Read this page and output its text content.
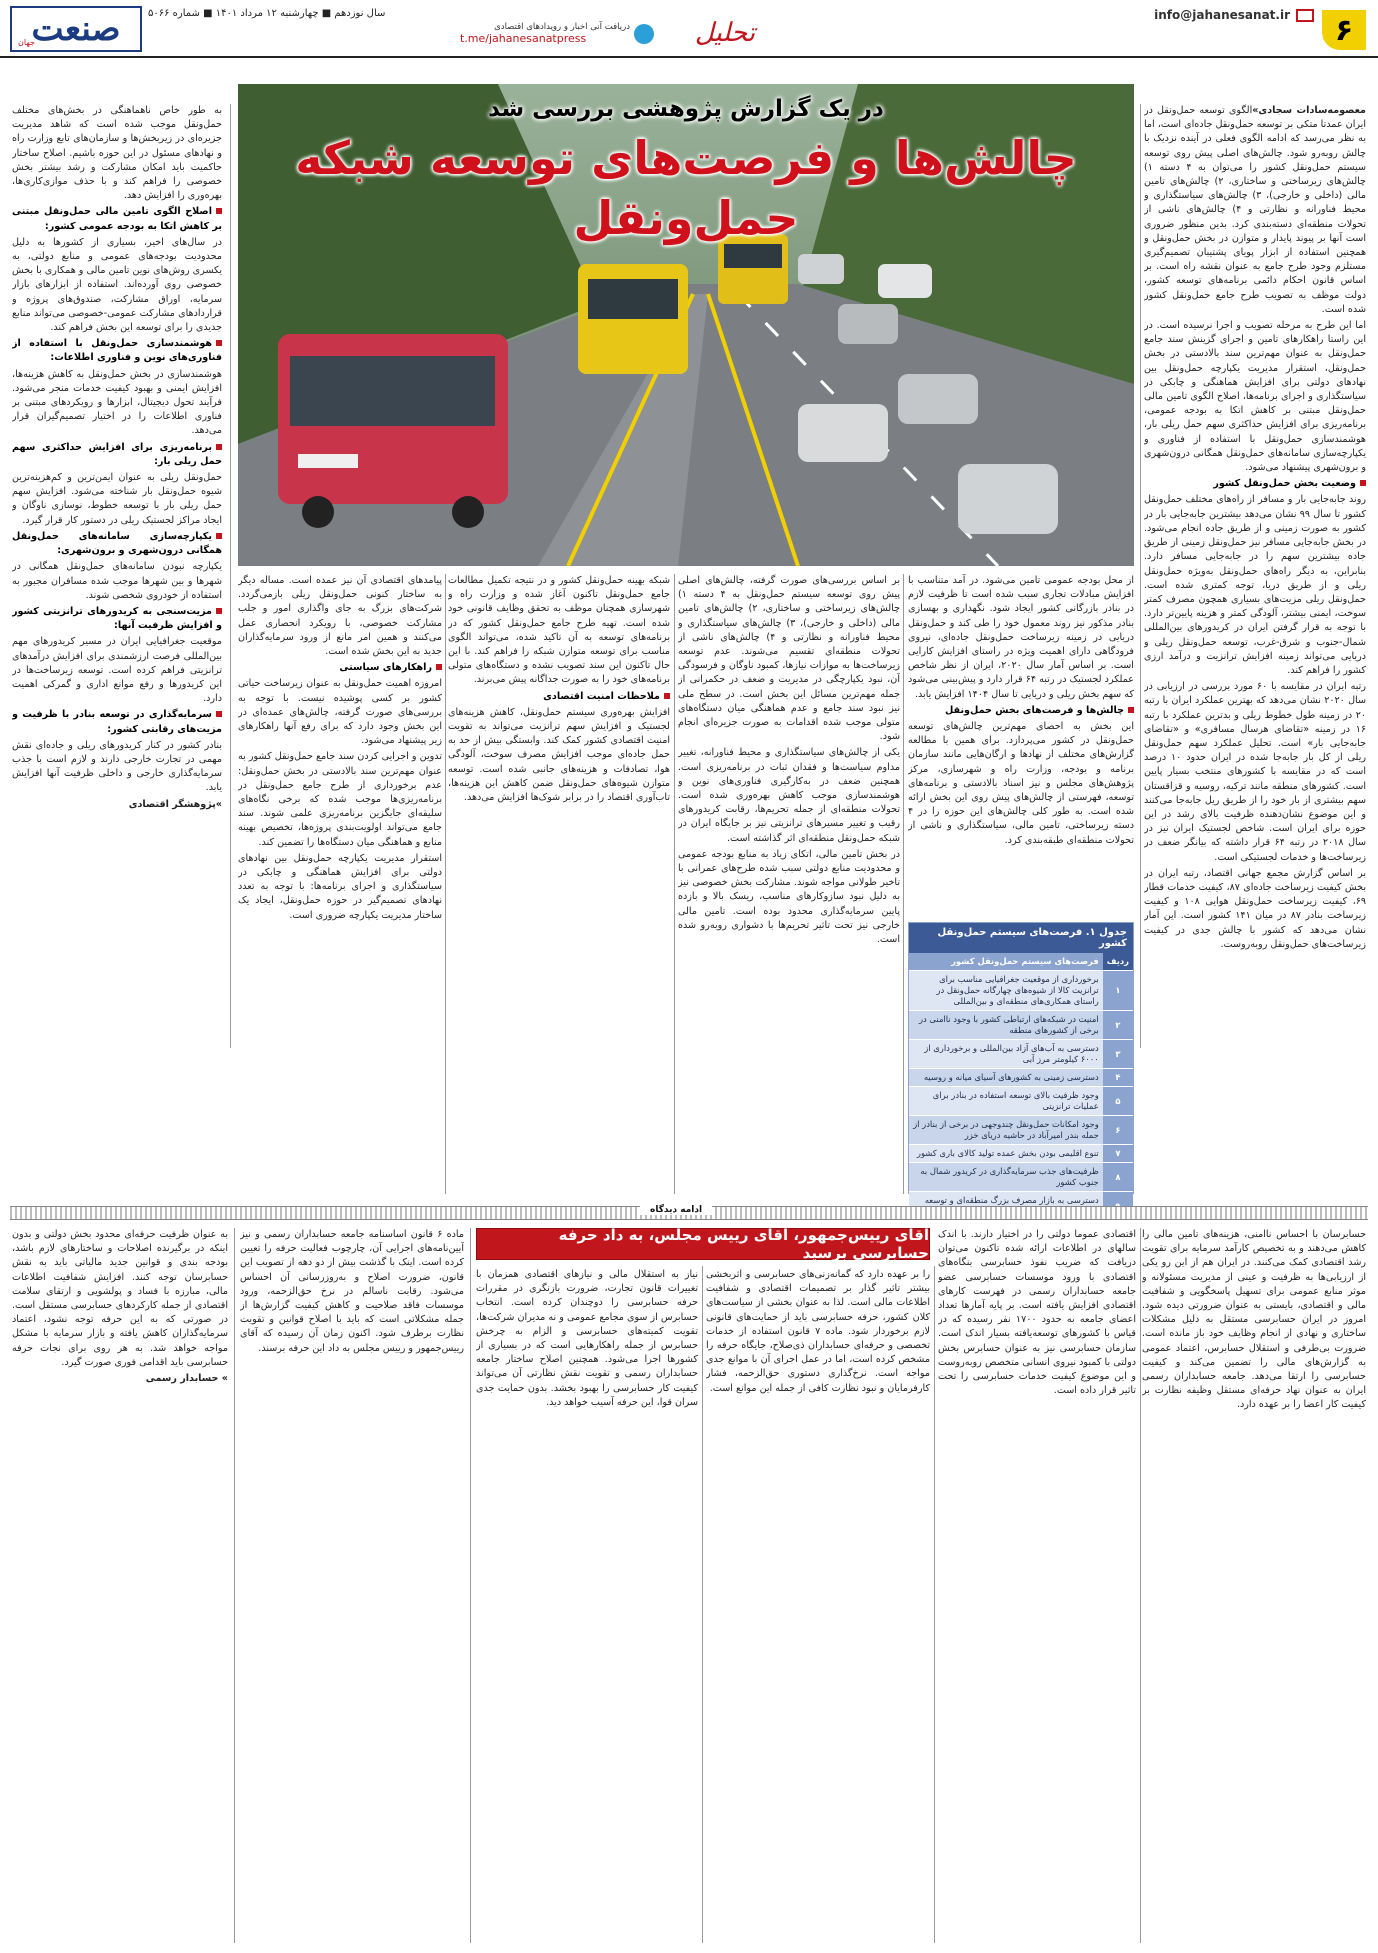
۶
info@jahanesanat.ir
تحلیل
دریافت آنی اخبار و رویدادهای اقتصادی
t.me/jahanesanatpress
سال نوزدهم ■ چهارشنبه ۱۲ مرداد ۱۴۰۱ ■ شماره ۵۰۶۶
صنعت
جهان

معصومه‌سادات سجادی»الگوی توسعه حمل‌ونقل در ایران عمدتا متکی بر توسعه حمل‌ونقل جاده‌ای است، اما به نظر می‌رسد که ادامه الگوی فعلی در آینده نزدیک با چالش روبه‌رو شود. چالش‌های اصلی پیش روی توسعه سیستم حمل‌ونقل کشور را می‌توان به ۴ دسته ۱) چالش‌های زیرساختی و ساختاری، ۲) چالش‌های تامین مالی (داخلی و خارجی)، ۳) چالش‌های سیاستگذاری و محیط فناورانه و نظارتی و ۴) چالش‌های ناشی از تحولات منطقه‌ای دسته‌بندی کرد. بدین منظور ضروری است آنها بر پیوند پایدار و متوازن در بخش حمل‌ونقل و همچنین استفاده از ابزار پویای پشتیبان تصمیم‌گیری مستلزم وجود طرح جامع به عنوان نقشه راه است. بر اساس قانون احکام دائمی برنامه‌های توسعه کشور، دولت موظف به تصویب طرح جامع حمل‌ونقل کشور شده است.

اما این طرح به مرحله تصویب و اجرا نرسیده است. در این راستا راهکارهای تامین و اجرای گزینش سند جامع حمل‌ونقل به عنوان مهم‌ترین سند بالادستی در بخش حمل‌ونقل، استقرار مدیریت یکپارچه حمل‌ونقل بین نهادهای دولتی برای افزایش هماهنگی و چابکی در سیاستگذاری و اجرای برنامه‌ها، اصلاح الگوی تامین مالی حمل‌ونقل مبتنی بر کاهش اتکا به بودجه عمومی، برنامه‌ریزی برای افزایش حداکثری سهم حمل ریلی بار، هوشمندسازی حمل‌ونقل با استفاده از فناوری و یکپارچه‌سازی سامانه‌های حمل‌ونقل همگانی درون‌شهری و برون‌شهری پیشنهاد می‌شود.

وضعیت بخش حمل‌ونقل کشور

روند جابه‌جایی بار و مسافر از راه‌های مختلف حمل‌ونقل کشور تا سال ۹۹ نشان می‌دهد بیشترین جابه‌جایی بار در کشور به صورت زمینی و از طریق جاده انجام می‌شود. در بخش جابه‌جایی مسافر نیز حمل‌ونقل زمینی از طریق جاده بیشترین سهم را در جابه‌جایی مسافر دارد. بنابراین، به دیگر راه‌های حمل‌ونقل به‌ویژه حمل‌ونقل ریلی و از طریق دریا، توجه کمتری شده است. حمل‌ونقل ریلی مزیت‌های بسیاری همچون مصرف کمتر سوخت، ایمنی بیشتر، آلودگی کمتر و هزینه پایین‌تر دارد. با توجه به قرار گرفتن ایران در کریدورهای بین‌المللی شمال-جنوب و شرق-غرب، توسعه حمل‌ونقل ریلی و دریایی می‌تواند زمینه افزایش ترانزیت و درآمد ارزی کشور را فراهم کند.

رتبه ایران در مقایسه با ۶۰ مورد بررسی در ارزیابی در سال ۲۰۲۰ نشان می‌دهد که بهترین عملکرد ایران با رتبه ۲۰ در زمینه طول خطوط ریلی و بدترین عملکرد با رتبه ۱۶ در زمینه «تقاضای هرسال مسافری» و «تقاضای جابه‌جایی بار» است. تحلیل عملکرد سهم حمل‌ونقل ریلی از کل بار جابه‌جا شده در ایران حدود ۱۰ درصد است که در مقایسه با کشورهای منتخب بسیار پایین است. کشورهای منطقه مانند ترکیه، روسیه و قزاقستان سهم بیشتری از بار خود را از طریق ریل جابه‌جا می‌کنند و این موضوع نشان‌دهنده ظرفیت بالای رشد در این حوزه برای ایران است. شاخص لجستیک ایران نیز در سال ۲۰۱۸ در رتبه ۶۴ قرار داشته که بیانگر ضعف در زیرساخت‌ها و خدمات لجستیکی است.

بر اساس گزارش مجمع جهانی اقتصاد، رتبه ایران در بخش کیفیت زیرساخت جاده‌ای ۸۷، کیفیت خدمات قطار ۶۹، کیفیت زیرساخت حمل‌ونقل هوایی ۱۰۸ و کیفیت زیرساخت بنادر ۸۷ در میان ۱۴۱ کشور است. این آمار نشان می‌دهد که کشور با چالش جدی در کیفیت زیرساخت‌های حمل‌ونقل روبه‌روست.

به طور خاص ناهماهنگی در بخش‌های مختلف حمل‌ونقل موجب شده است که شاهد مدیریت جزیره‌ای در زیربخش‌ها و سازمان‌های تابع وزارت راه و نهادهای مسئول در این حوزه باشیم. اصلاح ساختار حاکمیت باید امکان مشارکت و رشد بیشتر بخش خصوصی را فراهم کند و با حذف موازی‌کاری‌ها، بهره‌وری را افزایش دهد.

اصلاح الگوی تامین مالی حمل‌ونقل مبتنی بر کاهش اتکا به بودجه عمومی کشور:

در سال‌های اخیر، بسیاری از کشورها به دلیل محدودیت بودجه‌های عمومی و منابع دولتی، به یکسری روش‌های نوین تامین مالی و همکاری با بخش خصوصی روی آورده‌اند. استفاده از ابزارهای بازار سرمایه، اوراق مشارکت، صندوق‌های پروژه و قراردادهای مشارکت عمومی-خصوصی می‌تواند منابع جدیدی را برای توسعه این بخش فراهم کند.

هوشمندسازی حمل‌ونقل با استفاده از فناوری‌های نوین و فناوری اطلاعات:

هوشمندسازی در بخش حمل‌ونقل به کاهش هزینه‌ها، افزایش ایمنی و بهبود کیفیت خدمات منجر می‌شود. فرآیند تحول دیجیتال، ابزارها و رویکردهای مبتنی بر فناوری اطلاعات را در اختیار تصمیم‌گیران قرار می‌دهد.

برنامه‌ریزی برای افزایش حداکثری سهم حمل ریلی بار:

حمل‌ونقل ریلی به عنوان ایمن‌ترین و کم‌هزینه‌ترین شیوه حمل‌ونقل بار شناخته می‌شود. افزایش سهم حمل ریلی بار با توسعه خطوط، نوسازی ناوگان و ایجاد مراکز لجستیک ریلی در دستور کار قرار گیرد.

یکپارچه‌سازی سامانه‌های حمل‌ونقل همگانی درون‌شهری و برون‌شهری:

یکپارچه نبودن سامانه‌های حمل‌ونقل همگانی در شهرها و بین شهرها موجب شده مسافران مجبور به استفاده از خودروی شخصی شوند.

مزیت‌سنجی به کریدورهای ترانزیتی کشور و افزایش ظرفیت آنها:

موقعیت جغرافیایی ایران در مسیر کریدورهای مهم بین‌المللی فرصت ارزشمندی برای افزایش درآمدهای ترانزیتی فراهم کرده است. توسعه زیرساخت‌ها در این کریدورها و رفع موانع اداری و گمرکی اهمیت دارد.

سرمایه‌گذاری در توسعه بنادر با ظرفیت و مزیت‌های رقابتی کشور:

بنادر کشور در کنار کریدورهای ریلی و جاده‌ای نقش مهمی در تجارت خارجی دارند و لازم است با جذب سرمایه‌گذاری خارجی و داخلی ظرفیت آنها افزایش یابد.

»پژوهشگر اقتصادی

در یک گزارش پژوهشی بررسی شد
چالش‌ها و فرصت‌های توسعه شبکه حمل‌ونقل

از محل بودجه عمومی تامین می‌شود. در آمد متناسب با افزایش مبادلات تجاری سبب شده است تا ظرفیت لازم در بنادر بازرگانی کشور ایجاد شود. نگهداری و بهسازی بنادر مذکور نیز روند معمول خود را طی کند و حمل‌ونقل دریایی در زمینه زیرساخت حمل‌ونقل جاده‌ای، نیروی فرودگاهی دارای اهمیت ویژه در راستای افزایش کارایی است. بر اساس آمار سال ۲۰۲۰، ایران از نظر شاخص عملکرد لجستیک در رتبه ۶۴ قرار دارد و پیش‌بینی می‌شود که سهم بخش ریلی و دریایی تا سال ۱۴۰۴ افزایش یابد.

چالش‌ها و فرصت‌های بخش حمل‌ونقل

این بخش به احصای مهم‌ترین چالش‌های توسعه حمل‌ونقل در کشور می‌پردازد. برای همین با مطالعه گزارش‌های مختلف از نهادها و ارگان‌هایی مانند سازمان برنامه و بودجه، وزارت راه و شهرسازی، مرکز پژوهش‌های مجلس و نیز اسناد بالادستی و برنامه‌های توسعه، فهرستی از چالش‌های پیش روی این بخش ارائه شده است. به طور کلی چالش‌های این حوزه را در ۴ دسته زیرساختی، تامین مالی، سیاستگذاری و ناشی از تحولات منطقه‌ای طبقه‌بندی کرد.

جدول ۱. فرصت‌های سیستم حمل‌ونقل کشور
ردیف	فرصت‌های سیستم حمل‌ونقل کشور
۱	برخورداری از موقعیت جغرافیایی مناسب برای ترانزیت کالا از شیوه‌های چهارگانه حمل‌ونقل در راستای همکاری‌های منطقه‌ای و بین‌المللی
۲	امنیت در شبکه‌های ارتباطی کشور با وجود ناامنی در برخی از کشورهای منطقه
۳	دسترسی به آب‌های آزاد بین‌المللی و برخورداری از ۶۰۰۰ کیلومتر مرز آبی
۴	دسترسی زمینی به کشورهای آسیای میانه و روسیه
۵	وجود ظرفیت بالای توسعه استفاده در بنادر برای عملیات ترانزیتی
۶	وجود امکانات حمل‌ونقل چندوجهی در برخی از بنادر از جمله بندر امیرآباد در حاشیه دریای خزر
۷	تنوع اقلیمی بودن بخش عمده تولید کالای باری کشور
۸	ظرفیت‌های جذب سرمایه‌گذاری در کریدور شمال به جنوب کشور
	دسترسی به بازار مصرف بزرگ منطقه‌ای و توسعه

بر اساس بررسی‌های صورت گرفته، چالش‌های اصلی پیش روی توسعه سیستم حمل‌ونقل به ۴ دسته ۱) چالش‌های زیرساختی و ساختاری، ۲) چالش‌های تامین مالی (داخلی و خارجی)، ۳) چالش‌های سیاستگذاری و محیط فناورانه و نظارتی و ۴) چالش‌های ناشی از تحولات منطقه‌ای تقسیم می‌شوند. عدم توسعه زیرساخت‌ها به موازات نیازها، کمبود ناوگان و فرسودگی آن، نبود یکپارچگی در مدیریت و ضعف در حکمرانی از جمله مهم‌ترین مسائل این بخش است. در سطح ملی نیز نبود سند جامع و عدم هماهنگی میان دستگاه‌های متولی موجب شده اقدامات به صورت جزیره‌ای انجام شود.

یکی از چالش‌های سیاستگذاری و محیط فناورانه، تغییر مداوم سیاست‌ها و فقدان ثبات در برنامه‌ریزی است. همچنین ضعف در به‌کارگیری فناوری‌های نوین و هوشمندسازی موجب کاهش بهره‌وری شده است. تحولات منطقه‌ای از جمله تحریم‌ها، رقابت کریدورهای رقیب و تغییر مسیرهای ترانزیتی نیز بر جایگاه ایران در شبکه حمل‌ونقل منطقه‌ای اثر گذاشته است.

در بخش تامین مالی، اتکای زیاد به منابع بودجه عمومی و محدودیت منابع دولتی سبب شده طرح‌های عمرانی با تاخیر طولانی مواجه شوند. مشارکت بخش خصوصی نیز به دلیل نبود سازوکارهای مناسب، ریسک بالا و بازده پایین سرمایه‌گذاری محدود بوده است. تامین مالی خارجی نیز تحت تاثیر تحریم‌ها با دشواری روبه‌رو شده است.

شبکه بهینه حمل‌ونقل کشور و در نتیجه تکمیل مطالعات جامع حمل‌ونقل تاکنون آغاز شده و وزارت راه و شهرسازی همچنان موظف به تحقق وظایف قانونی خود شده است. تهیه طرح جامع حمل‌ونقل کشور که در برنامه‌های توسعه به آن تاکید شده، می‌تواند الگوی مناسب برای توسعه متوازن شبکه را فراهم کند. با این حال تاکنون این سند تصویب نشده و دستگاه‌های متولی برنامه‌های خود را به صورت جداگانه پیش می‌برند.

ملاحظات امنیت اقتصادی

افزایش بهره‌وری سیستم حمل‌ونقل، کاهش هزینه‌های لجستیک و افزایش سهم ترانزیت می‌تواند به تقویت امنیت اقتصادی کشور کمک کند. وابستگی بیش از حد به حمل جاده‌ای موجب افزایش مصرف سوخت، آلودگی هوا، تصادفات و هزینه‌های جانبی شده است. توسعه متوازن شیوه‌های حمل‌ونقل ضمن کاهش این هزینه‌ها، تاب‌آوری اقتصاد را در برابر شوک‌ها افزایش می‌دهد.

پیامدهای اقتصادی آن نیز عمده است. مساله دیگر به ساختار کنونی حمل‌ونقل ریلی بازمی‌گردد. شرکت‌های بزرگ به جای واگذاری امور و جلب مشارکت خصوصی، با رویکرد انحصاری عمل می‌کنند و همین امر مانع از ورود سرمایه‌گذاران جدید به این بخش شده است.

راهکارهای سیاستی

امروزه اهمیت حمل‌ونقل به عنوان زیرساخت حیاتی کشور بر کسی پوشیده نیست. با توجه به بررسی‌های صورت گرفته، چالش‌های عمده‌ای در این بخش وجود دارد که برای رفع آنها راهکارهای زیر پیشنهاد می‌شود.

تدوین و اجرایی کردن سند جامع حمل‌ونقل کشور به عنوان مهم‌ترین سند بالادستی در بخش حمل‌ونقل: عدم برخورداری از طرح جامع حمل‌ونقل در برنامه‌ریزی‌ها موجب شده که برخی نگاه‌های سلیقه‌ای جایگزین برنامه‌ریزی علمی شوند. سند جامع می‌تواند اولویت‌بندی پروژه‌ها، تخصیص بهینه منابع و هماهنگی میان دستگاه‌ها را تضمین کند.

استقرار مدیریت یکپارچه حمل‌ونقل بین نهادهای دولتی برای افزایش هماهنگی و چابکی در سیاستگذاری و اجرای برنامه‌ها: با توجه به تعدد نهادهای تصمیم‌گیر در حوزه حمل‌ونقل، ایجاد یک ساختار مدیریت یکپارچه ضروری است.

ادامه دیدگاه
آقای رییس‌جمهور، آقای رییس مجلس، به داد حرفه حسابرسی برسید

حسابرسان با احساس ناامنی، هزینه‌های تامین مالی را کاهش می‌دهند و به تخصیص کارآمد سرمایه برای تقویت رشد اقتصادی کمک می‌کنند. در ایران هم از این رو یکی از ارزیابی‌ها به ظرفیت و عینی از مدیریت مسئولانه و موثر منابع عمومی برای تسهیل پاسخگویی و شفافیت مالی و اقتصادی، بایستی به عنوان ضرورتی دیده شود. امروز در ایران حسابرسی مستقل به دلیل مشکلات ساختاری و نهادی از انجام وظایف خود باز مانده است. ضرورت بی‌طرفی و استقلال حسابرس، اعتماد عمومی به گزارش‌های مالی را تضمین می‌کند و کیفیت حسابرسی را ارتقا می‌دهد. جامعه حسابداران رسمی ایران به عنوان نهاد حرفه‌ای مستقل وظیفه نظارت بر کیفیت کار اعضا را بر عهده دارد.

اقتصادی عموما دولتی را در اختیار دارند. با اندک سالهای در اطلاعات ارائه شده تاکنون می‌توان دریافت که ضریب نفوذ حسابرسی بنگاه‌های اقتصادی با ورود موسسات حسابرسی عضو جامعه حسابداران رسمی در فهرست کارهای اقتصادی افزایش یافته است. بر پایه آمارها تعداد اعضای جامعه به حدود ۱۷۰۰ نفر رسیده که در قیاس با کشورهای توسعه‌یافته بسیار اندک است. سازمان حسابرسی نیز به عنوان حسابرس بخش دولتی با کمبود نیروی انسانی متخصص روبه‌روست و این موضوع کیفیت خدمات حسابرسی را تحت تاثیر قرار داده است.

را بر عهده دارد که گمانه‌زنی‌های حسابرسی و اثربخشی بیشتر تاثیر گذار بر تصمیمات اقتصادی و شفافیت اطلاعات مالی است. لذا به عنوان بخشی از سیاست‌های کلان کشور، حرفه حسابرسی باید از حمایت‌های قانونی لازم برخوردار شود. ماده ۷ قانون استفاده از خدمات تخصصی و حرفه‌ای حسابداران ذی‌صلاح، جایگاه حرفه را مشخص کرده است، اما در عمل اجرای آن با موانع جدی مواجه است. نرخ‌گذاری دستوری حق‌الزحمه، فشار کارفرمایان و نبود نظارت کافی از جمله این موانع است.

نیاز به استقلال مالی و نیازهای اقتصادی همزمان با تغییرات قانون تجارت، ضرورت بازنگری در مقررات حرفه حسابرسی را دوچندان کرده است. انتخاب حسابرس از سوی مجامع عمومی و نه مدیران شرکت‌ها، تقویت کمیته‌های حسابرسی و الزام به چرخش حسابرس از جمله راهکارهایی است که در بسیاری از کشورها اجرا می‌شود. همچنین اصلاح ساختار جامعه حسابداران رسمی و تقویت نقش نظارتی آن می‌تواند کیفیت کار حسابرسی را بهبود بخشد. بدون حمایت جدی سران قوا، این حرفه آسیب خواهد دید.

ماده ۶ قانون اساسنامه جامعه حسابداران رسمی و نیز آیین‌نامه‌های اجرایی آن، چارچوب فعالیت حرفه را تعیین کرده است. اینک با گذشت بیش از دو دهه از تصویب این قانون، ضرورت اصلاح و به‌روزرسانی آن احساس می‌شود. رقابت ناسالم در نرخ حق‌الزحمه، ورود موسسات فاقد صلاحیت و کاهش کیفیت گزارش‌ها از جمله مشکلاتی است که باید با اصلاح قوانین و تقویت نظارت برطرف شود. اکنون زمان آن رسیده که آقای رییس‌جمهور و رییس مجلس به داد این حرفه برسند.

به عنوان ظرفیت حرفه‌ای محدود بخش دولتی و بدون اینکه در برگیرنده اصلاحات و ساختارهای لازم باشد، بودجه بندی و قوانین جدید مالیاتی باید به نقش حسابرسان توجه کنند. افزایش شفافیت اطلاعات مالی، مبارزه با فساد و پولشویی و ارتقای سلامت اقتصادی از جمله کارکردهای حسابرسی مستقل است. در صورتی که به این حرفه توجه نشود، اعتماد سرمایه‌گذاران کاهش یافته و بازار سرمایه با مشکل مواجه خواهد شد. به هر روی برای نجات حرفه حسابرسی باید اقدامی فوری صورت گیرد.

» حسابدار رسمی
